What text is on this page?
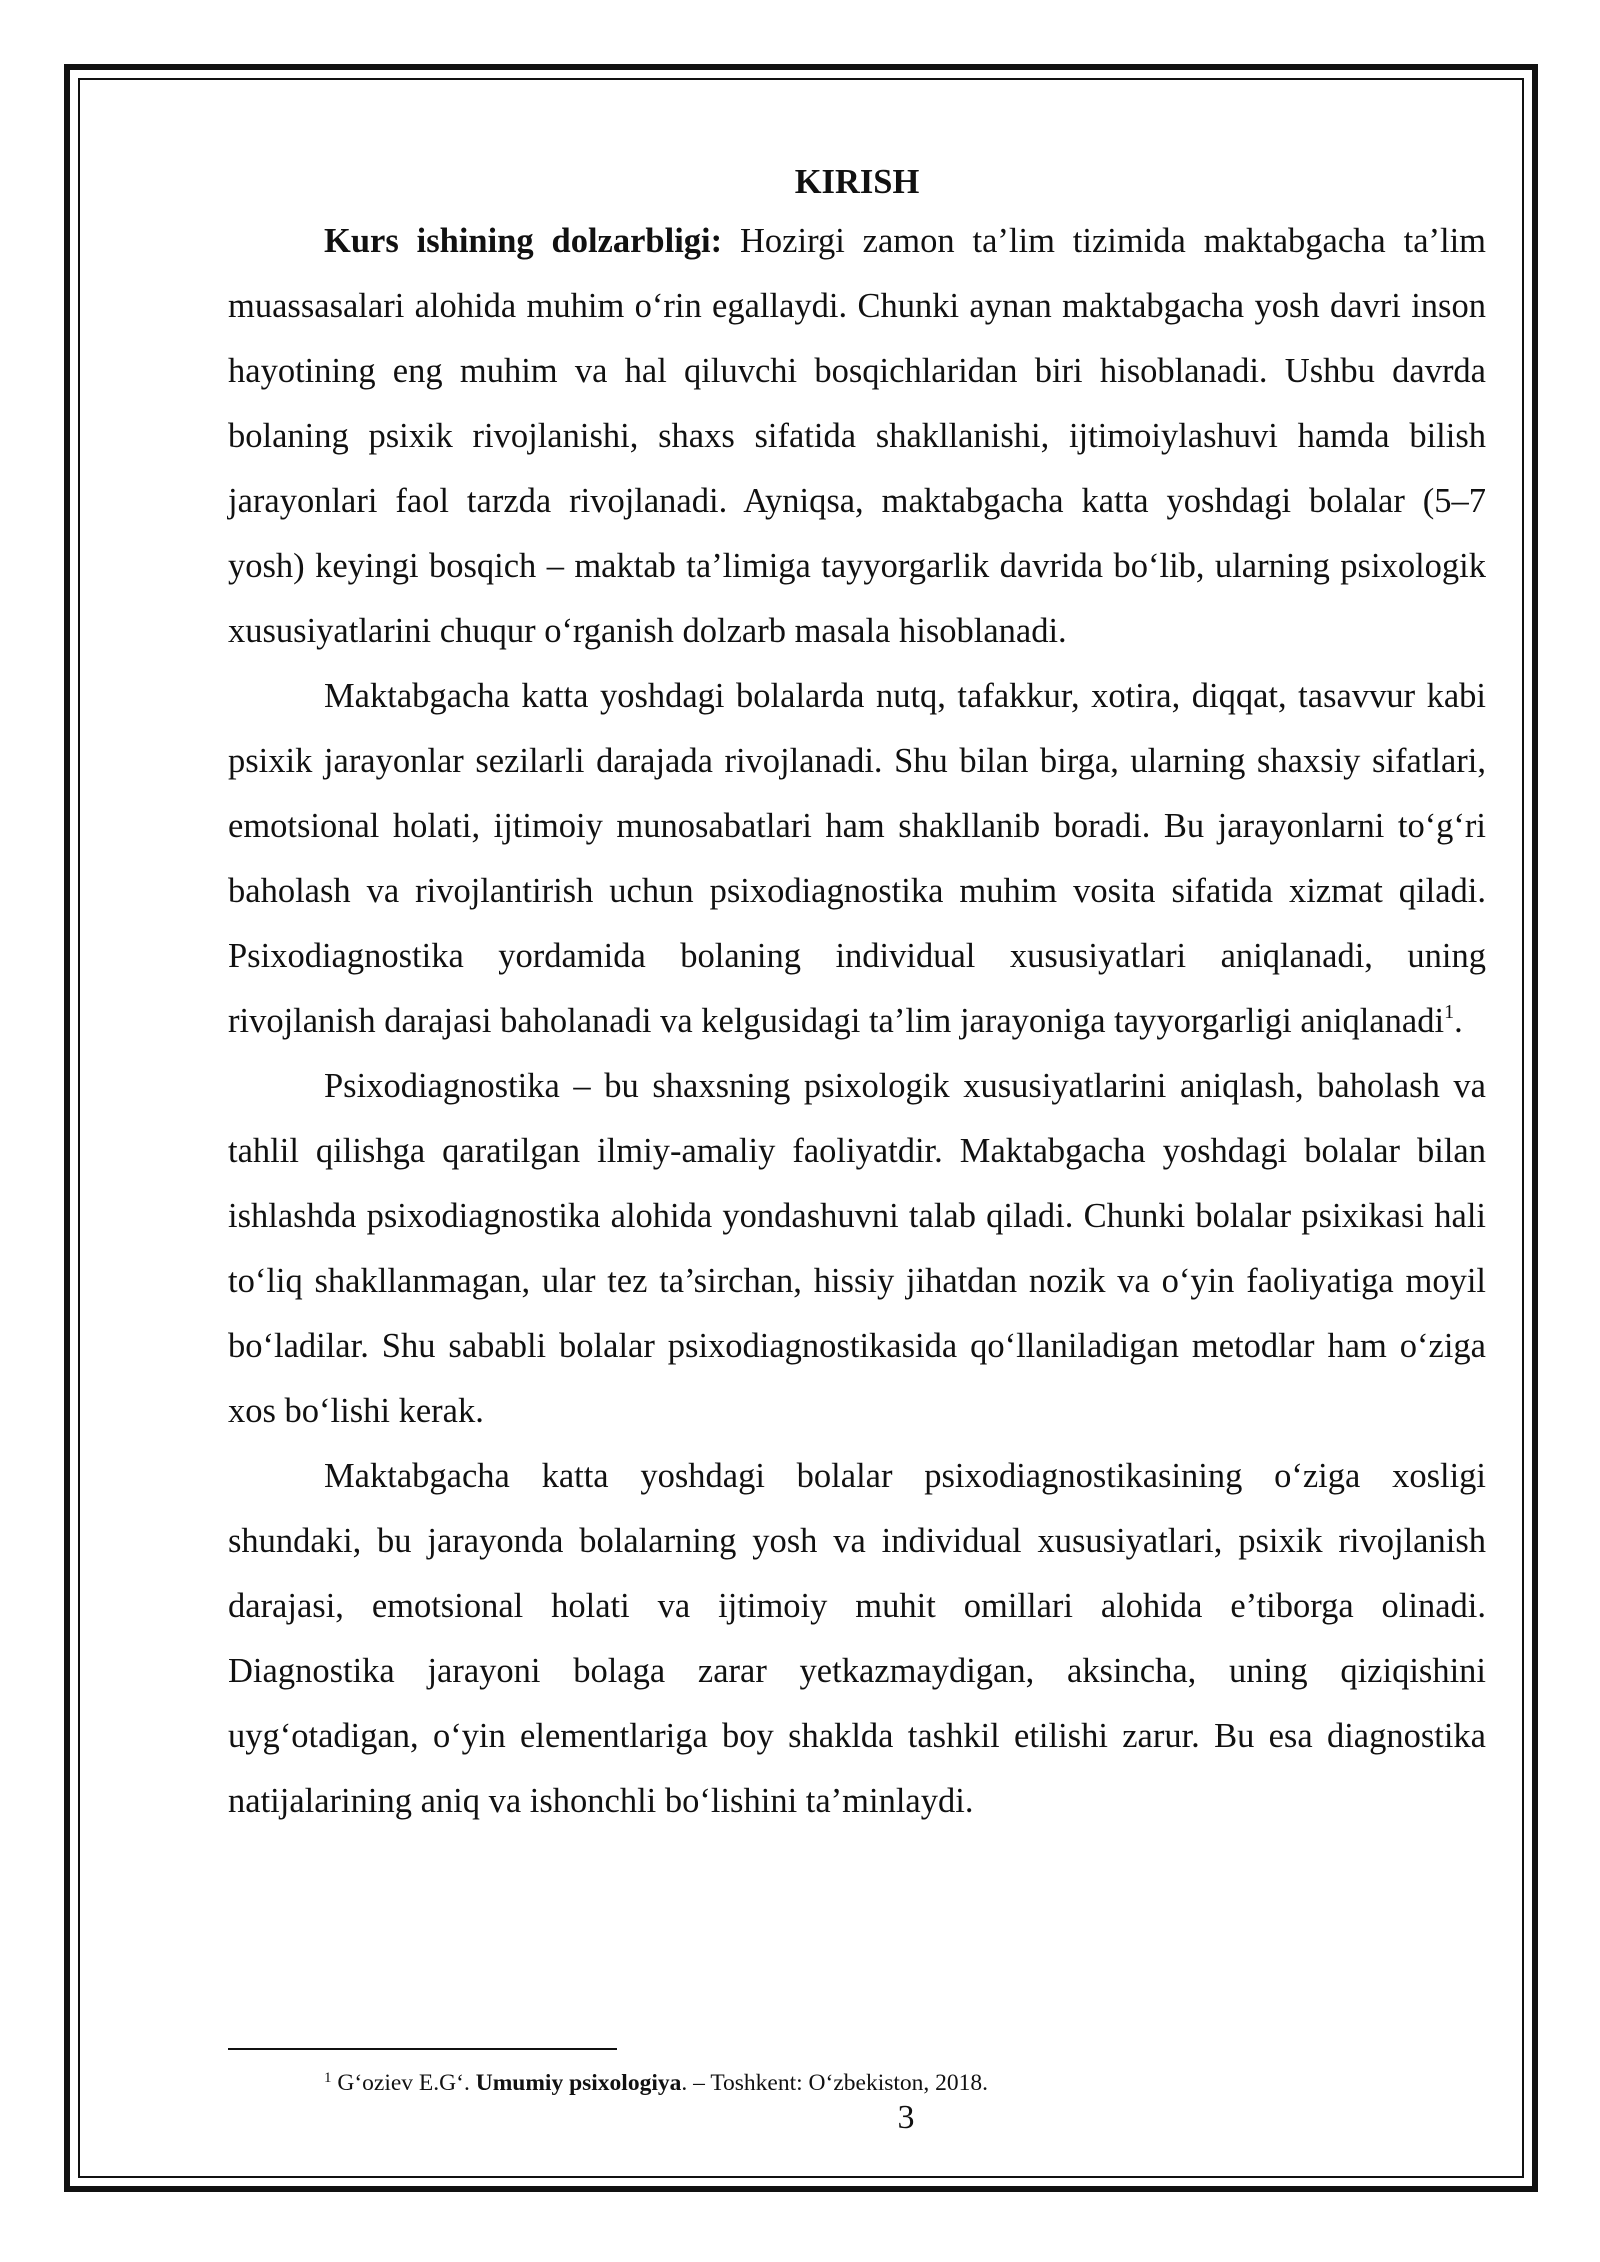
KIRISH

Kurs ishining dolzarbligi: Hozirgi zamon ta’lim tizimida maktabgacha ta’lim muassasalari alohida muhim o‘rin egallaydi. Chunki aynan maktabgacha yosh davri inson hayotining eng muhim va hal qiluvchi bosqichlaridan biri hisoblanadi. Ushbu davrda bolaning psixik rivojlanishi, shaxs sifatida shakllanishi, ijtimoiylashuvi hamda bilish jarayonlari faol tarzda rivojlanadi. Ayniqsa, maktabgacha katta yoshdagi bolalar (5–7 yosh) keyingi bosqich – maktab ta’limiga tayyorgarlik davrida bo‘lib, ularning psixologik xususiyatlarini chuqur o‘rganish dolzarb masala hisoblanadi.

Maktabgacha katta yoshdagi bolalarda nutq, tafakkur, xotira, diqqat, tasavvur kabi psixik jarayonlar sezilarli darajada rivojlanadi. Shu bilan birga, ularning shaxsiy sifatlari, emotsional holati, ijtimoiy munosabatlari ham shakllanib boradi. Bu jarayonlarni to‘g‘ri baholash va rivojlantirish uchun psixodiagnostika muhim vosita sifatida xizmat qiladi. Psixodiagnostika yordamida bolaning individual xususiyatlari aniqlanadi, uning rivojlanish darajasi baholanadi va kelgusidagi ta’lim jarayoniga tayyorgarligi aniqlanadi$^1$.

Psixodiagnostika – bu shaxsning psixologik xususiyatlarini aniqlash, baholash va tahlil qilishga qaratilgan ilmiy-amaliy faoliyatdir. Maktabgacha yoshdagi bolalar bilan ishlashda psixodiagnostika alohida yondashuvni talab qiladi. Chunki bolalar psixikasi hali to‘liq shakllanmagan, ular tez ta’sirchan, hissiy jihatdan nozik va o‘yin faoliyatiga moyil bo‘ladilar. Shu sababli bolalar psixodiagnostikasida qo‘llaniladigan metodlar ham o‘ziga xos bo‘lishi kerak.

Maktabgacha katta yoshdagi bolalar psixodiagnostikasining o‘ziga xosligi shundaki, bu jarayonda bolalarning yosh va individual xususiyatlari, psixik rivojlanish darajasi, emotsional holati va ijtimoiy muhit omillari alohida e’tiborga olinadi. Diagnostika jarayoni bolaga zarar yetkazmaydigan, aksincha, uning qiziqishini uyg‘otadigan, o‘yin elementlariga boy shaklda tashkil etilishi zarur. Bu esa diagnostika natijalarining aniq va ishonchli bo‘lishini ta’minlaydi.

$^1$ G‘oziev E.G‘. Umumiy psixologiya. – Toshkent: O‘zbekiston, 2018.
3
